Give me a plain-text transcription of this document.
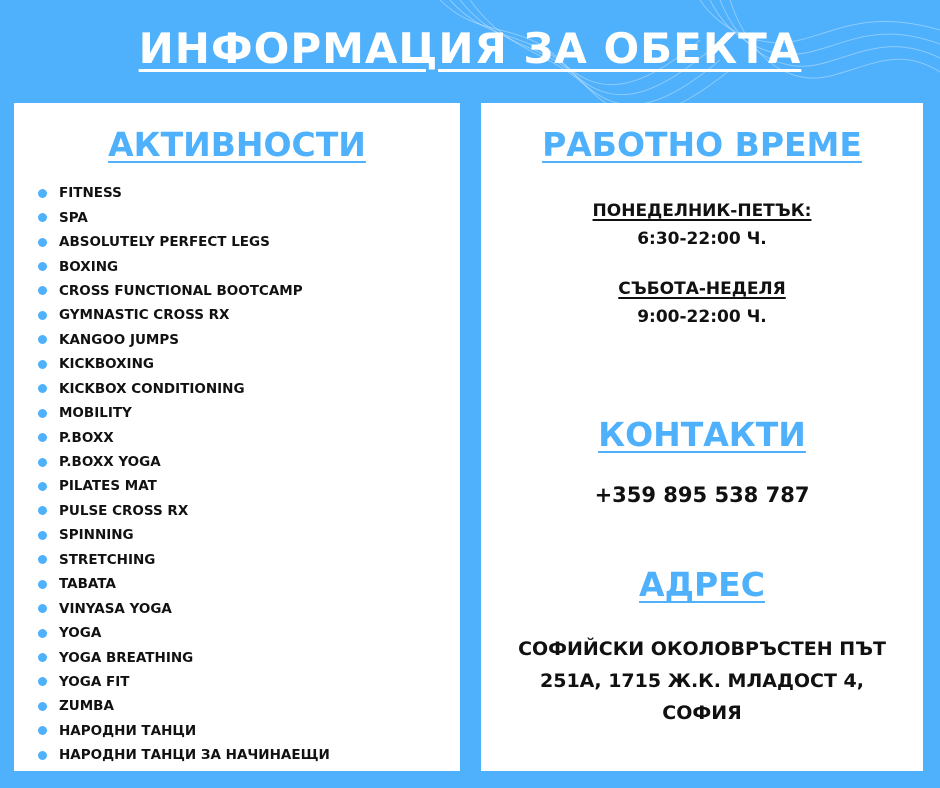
ИНФОРМАЦИЯ ЗА ОБЕКТА
АКТИВНОСТИ
FITNESS
SPA
ABSOLUTELY PERFECT LEGS
BOXING
CROSS FUNCTIONAL BOOTCAMP
GYMNASTIC CROSS RX
KANGOO JUMPS
KICKBOXING
KICKBOX CONDITIONING
MOBILITY
P.BOXX
P.BOXX YOGA
PILATES MAT
PULSE CROSS RX
SPINNING
STRETCHING
TABATA
VINYASA YOGA
YOGA
YOGA BREATHING
YOGA FIT
ZUMBA
НАРОДНИ ТАНЦИ
НАРОДНИ ТАНЦИ ЗА НАЧИНАЕЩИ
РАБОТНО ВРЕМЕ
ПОНЕДЕЛНИК-ПЕТЪК:
6:30-22:00 Ч.
СЪБОТА-НЕДЕЛЯ
9:00-22:00 Ч.
КОНТАКТИ
+359 895 538 787
АДРЕС
СОФИЙСКИ ОКОЛОВРЪСТЕН ПЪТ
251А, 1715 Ж.К. МЛАДОСТ 4,
СОФИЯ
